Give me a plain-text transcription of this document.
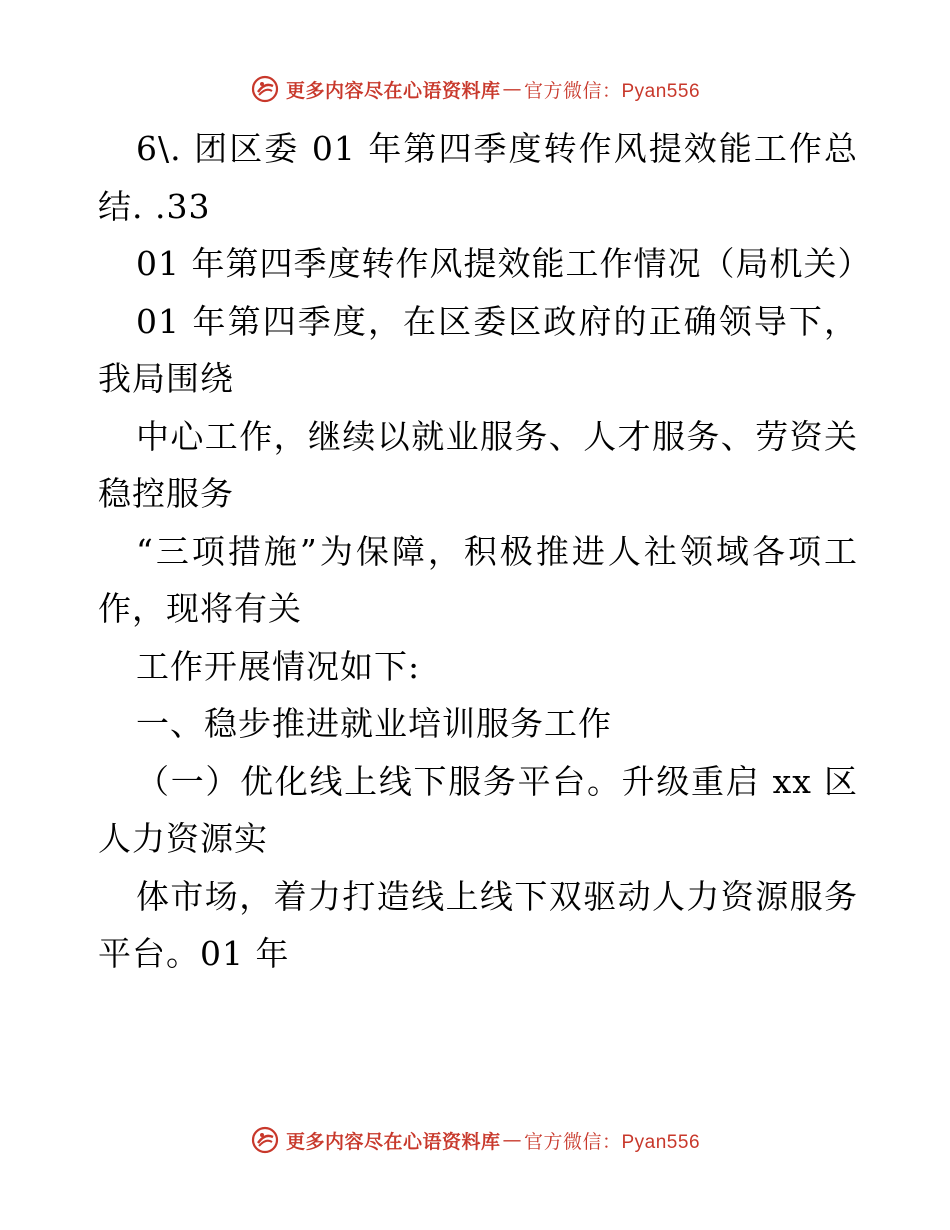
更多内容尽在心语资料库 — 官方微信：Pyan556

6\. 团区委 01 年第四季度转作风提效能工作总结. .33

01 年第四季度转作风提效能工作情况（局机关）

01 年第四季度，在区委区政府的正确领导下，我局围绕

中心工作，继续以就业服务、人才服务、劳资关稳控服务

“三项措施”为保障，积极推进人社领域各项工作，现将有关

工作开展情况如下:

一、稳步推进就业培训服务工作

（一）优化线上线下服务平台。升级重启 xx 区人力资源实

体市场，着力打造线上线下双驱动人力资源服务平台。01 年

更多内容尽在心语资料库 — 官方微信：Pyan556
